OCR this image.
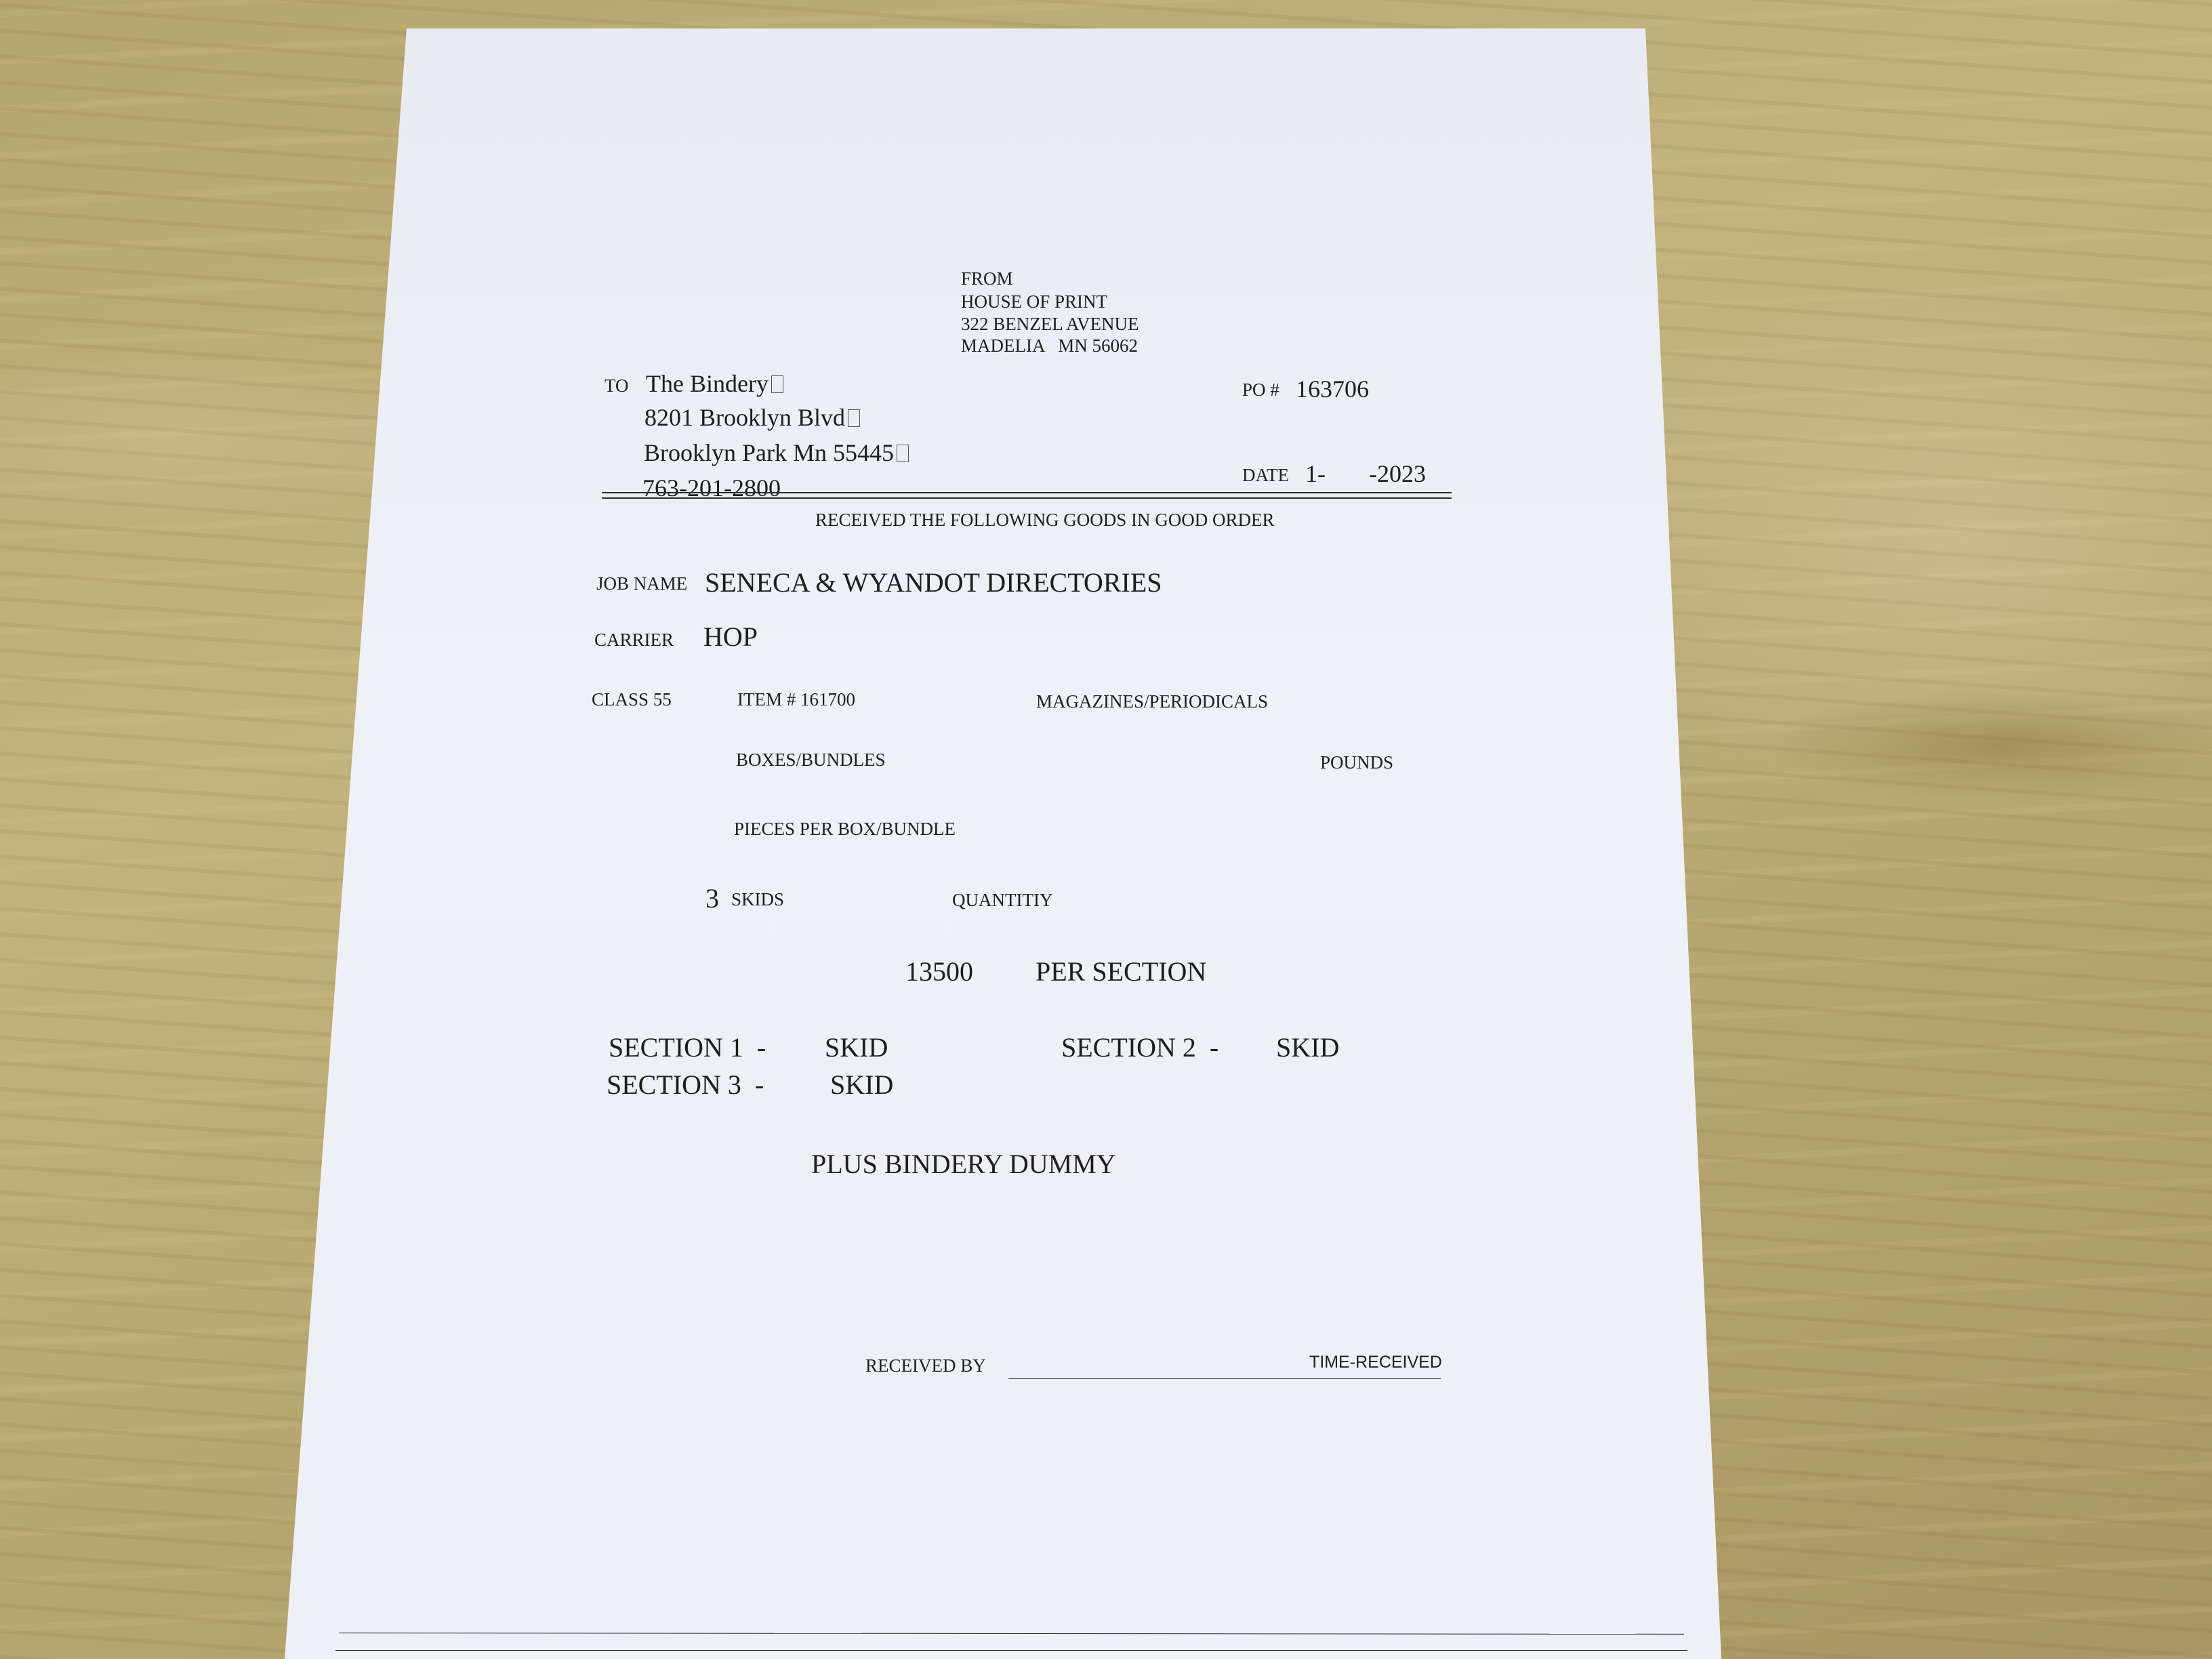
FROM

HOUSE OF PRINT

322 BENZEL AVENUE

MADELIA   MN 56062

TO The Bindery

8201 Brooklyn Blvd

Brooklyn Park Mn 55445

763-201-2800

PO # 163706

DATE 1- -2023

RECEIVED THE FOLLOWING GOODS IN GOOD ORDER

JOB NAME SENECA & WYANDOT DIRECTORIES

CARRIER HOP

CLASS 55	ITEM # 161700	MAGAZINES/PERIODICALS

BOXES/BUNDLES	POUNDS

PIECES PER BOX/BUNDLE

3 SKIDS	QUANTITIY

13500 PER SECTION

SECTION 1  - SKID	SECTION 2  - SKID

SECTION 3  - SKID

PLUS BINDERY DUMMY

RECEIVED BY	TIME-RECEIVED
